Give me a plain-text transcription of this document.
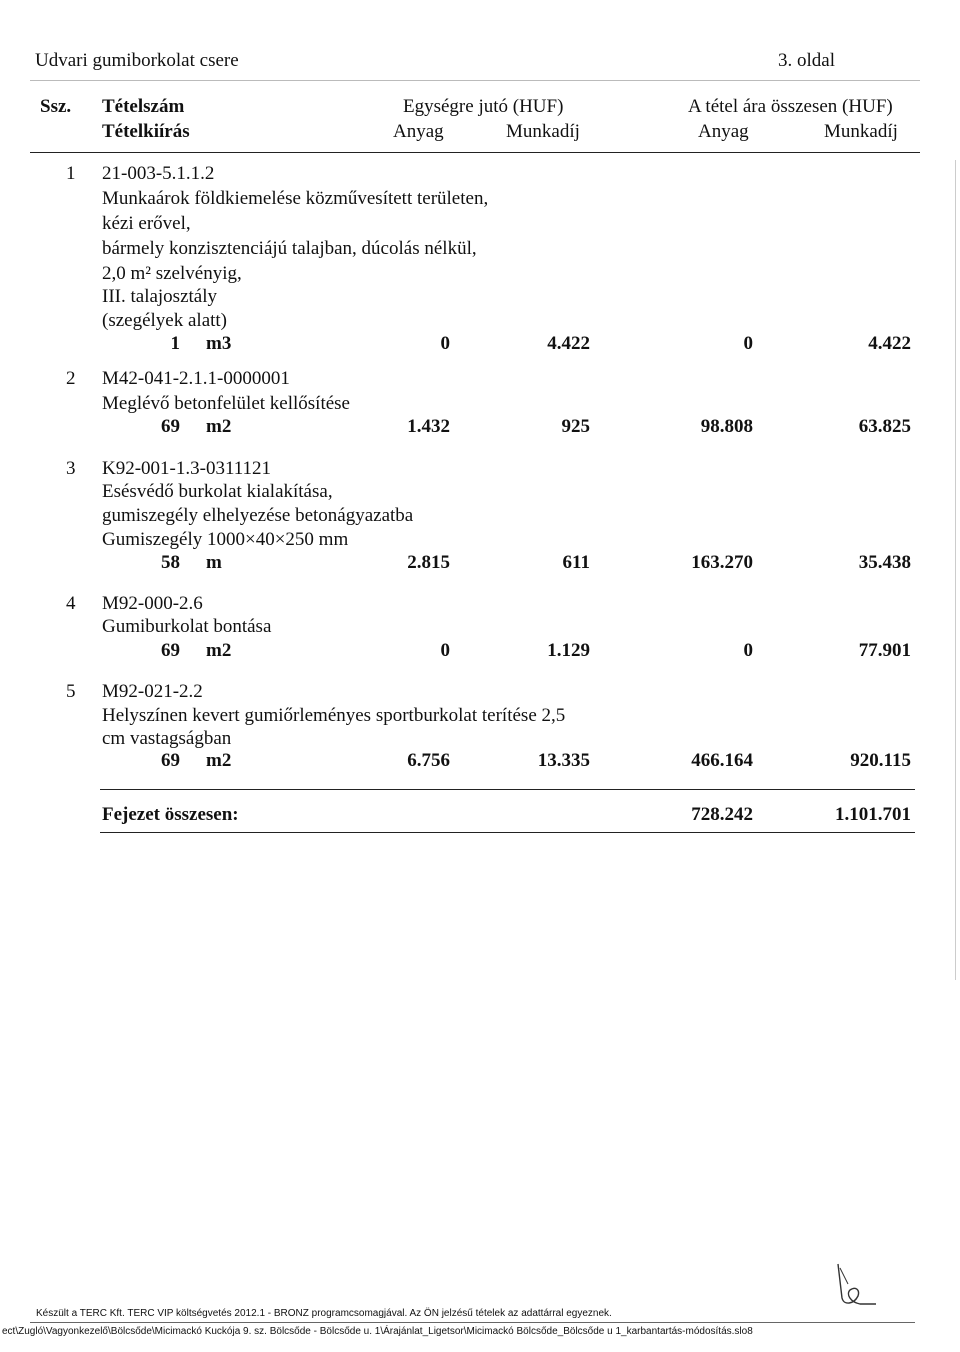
Udvari gumiborkolat csere	3. oldal
Ssz. Tételszám
Tételkiírás
Egységre jutó (HUF)	A tétel ára összesen (HUF)
Anyag	Munkadíj	Anyag	Munkadíj
1 21-003-5.1.1.2
Munkaárok földkiemelése közművesített területen,
kézi erővel,
bármely konzisztenciájú talajban, dúcolás nélkül,
2,0 m² szelvényig,
III. talajosztály
(szegélyek alatt)
1 m3	0	4.422	0	4.422
2 M42-041-2.1.1-0000001
Meglévő betonfelület kellősítése
69 m2	1.432	925	98.808	63.825
3 K92-001-1.3-0311121
Esésvédő burkolat kialakítása,
gumiszegély elhelyezése betonágyazatba
Gumiszegély 1000×40×250 mm
58 m	2.815	611	163.270	35.438
4 M92-000-2.6
Gumiburkolat bontása
69 m2	0	1.129	0	77.901
5 M92-021-2.2
Helyszínen kevert gumiőrleményes sportburkolat terítése 2,5
cm vastagságban
69 m2	6.756	13.335	466.164	920.115
Fejezet összesen:	728.242	1.101.701
Készült a TERC Kft. TERC VIP költségvetés 2012.1 - BRONZ programcsomagjával. Az ÖN jelzésű tételek az adattárral egyeznek.
ect\Zugló\Vagyonkezelő\Bölcsőde\Micimackó Kuckója 9. sz. Bölcsőde - Bölcsőde u. 1\Árajánlat_Ligetsor\Micimackó Bölcsőde_Bölcsőde u 1_karbantartás-módosítás.slo8
